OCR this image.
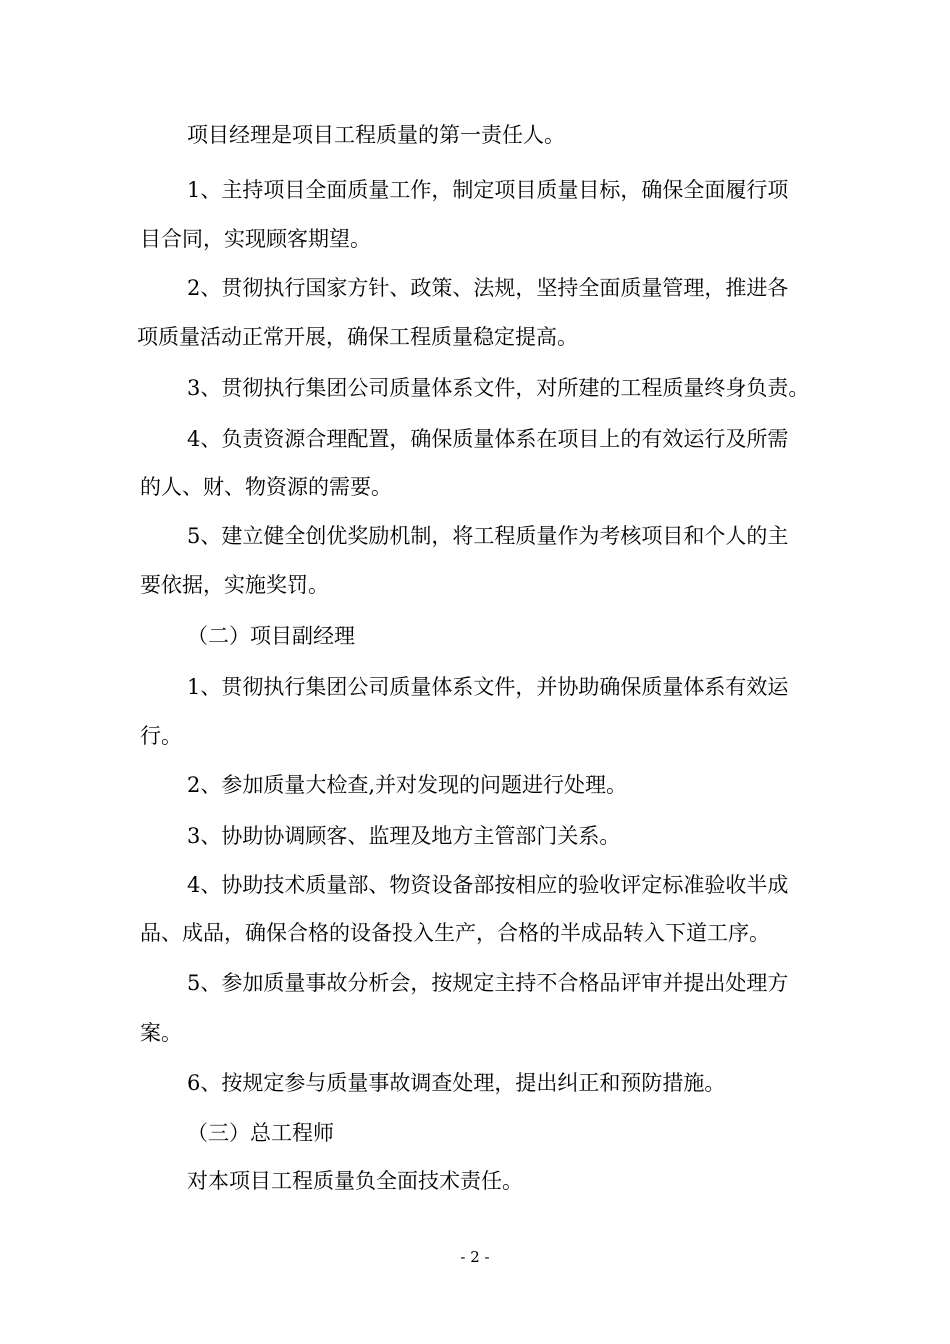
项目经理是项目工程质量的第一责任人。

1、主持项目全面质量工作，制定项目质量目标，确保全面履行项

目合同，实现顾客期望。

2、贯彻执行国家方针、政策、法规，坚持全面质量管理，推进各

项质量活动正常开展，确保工程质量稳定提高。

3、贯彻执行集团公司质量体系文件，对所建的工程质量终身负责。

4、负责资源合理配置，确保质量体系在项目上的有效运行及所需

的人、财、物资源的需要。

5、建立健全创优奖励机制，将工程质量作为考核项目和个人的主

要依据，实施奖罚。

（二）项目副经理

1、贯彻执行集团公司质量体系文件，并协助确保质量体系有效运

行。

2、参加质量大检查,并对发现的问题进行处理。

3、协助协调顾客、监理及地方主管部门关系。

4、协助技术质量部、物资设备部按相应的验收评定标准验收半成

品、成品，确保合格的设备投入生产，合格的半成品转入下道工序。

5、参加质量事故分析会，按规定主持不合格品评审并提出处理方

案。

6、按规定参与质量事故调查处理，提出纠正和预防措施。

（三）总工程师

对本项目工程质量负全面技术责任。

- 2 -
